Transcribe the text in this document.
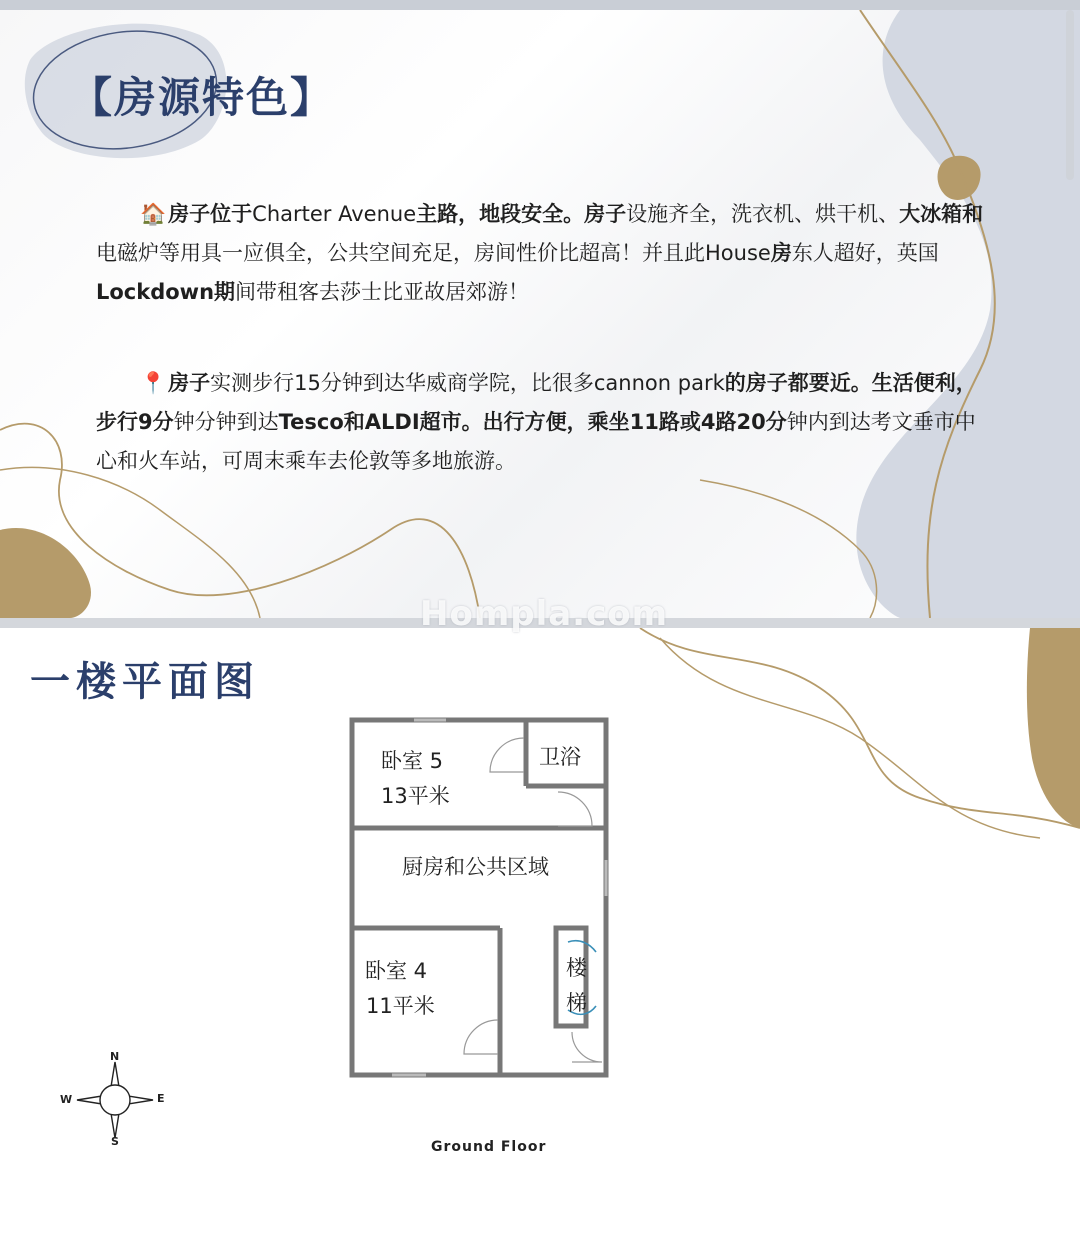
【房源特色】

🏠房子位于Charter Avenue主路，地段安全。房子设施齐全，洗衣机、烘干机、大冰箱和电磁炉等用具一应俱全，公共空间充足，房间性价比超高！并且此House房东人超好，英国Lockdown期间带租客去莎士比亚故居郊游！

📍房子实测步行15分钟到达华威商学院，比很多cannon park的房子都要近。生活便利，步行9分钟分钟到达Tesco和ALDI超市。出行方便，乘坐11路或4路20分钟内到达考文垂市中心和火车站，可周末乘车去伦敦等多地旅游。

Hompla.com
一楼平面图
卧室 5
13平米
卫浴
厨房和公共区域
卧室 4
11平米
楼
梯
N
S
E
W
Ground Floor
